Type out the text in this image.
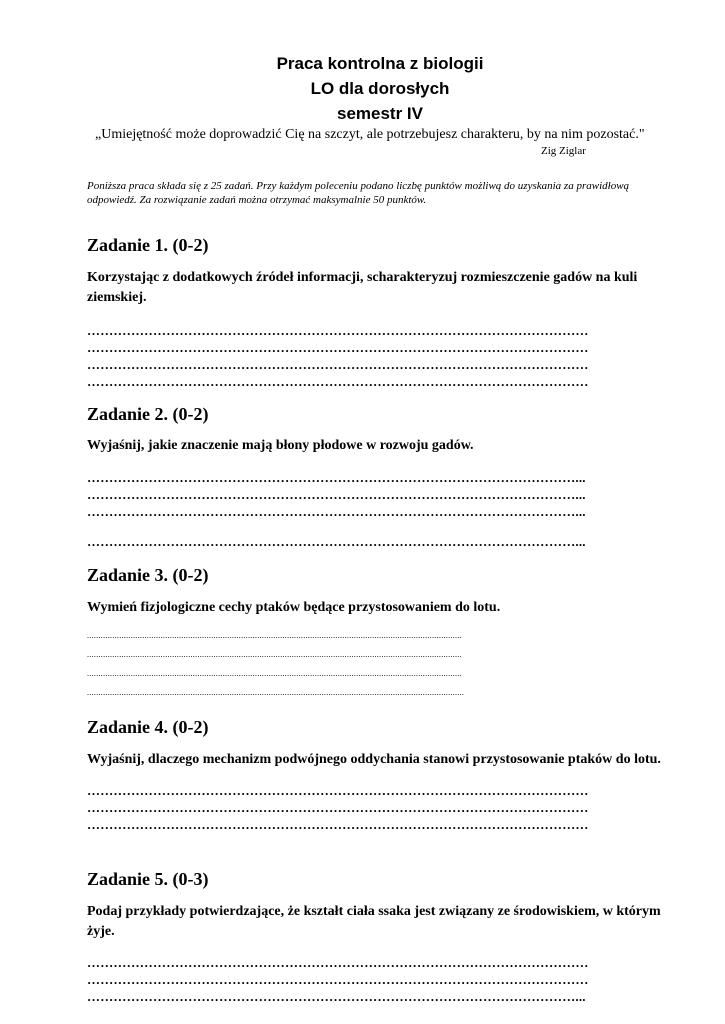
Praca kontrolna z biologii
LO dla dorosłych
semestr IV
„Umiejętność może doprowadzić Cię na szczyt, ale potrzebujesz charakteru, by na nim pozostać."
Zig Ziglar
Poniższa praca składa się z 25 zadań. Przy każdym poleceniu podano liczbę punktów możliwą do uzyskania za prawidłową odpowiedź. Za rozwiązanie zadań można otrzymać maksymalnie 50 punktów.
Zadanie 1. (0-2)

Korzystając z dodatkowych źródeł informacji, scharakteryzuj rozmieszczenie gadów na kuli ziemskiej.

……………………………………………………………………………………………………
……………………………………………………………………………………………………
……………………………………………………………………………………………………
……………………………………………………………………………………………………
Zadanie 2. (0-2)

Wyjaśnij, jakie znaczenie mają błony płodowe w rozwoju gadów.

…………………………………………………………………………………………………...
…………………………………………………………………………………………………...
…………………………………………………………………………………………………...
…………………………………………………………………………………………………...
Zadanie 3. (0-2)

Wymień fizjologiczne cechy ptaków będące przystosowaniem do lotu.

...................................................................................................................................................................
...................................................................................................................................................................
...................................................................................................................................................................
....................................................................................................................................................................
Zadanie 4. (0-2)

Wyjaśnij, dlaczego mechanizm podwójnego oddychania stanowi przystosowanie ptaków do lotu.

……………………………………………………………………………………………………
……………………………………………………………………………………………………
……………………………………………………………………………………………………
Zadanie 5. (0-3)

Podaj przykłady potwierdzające, że kształt ciała ssaka jest związany ze środowiskiem, w którym żyje.

……………………………………………………………………………………………………
……………………………………………………………………………………………………
…………………………………………………………………………………………………...
